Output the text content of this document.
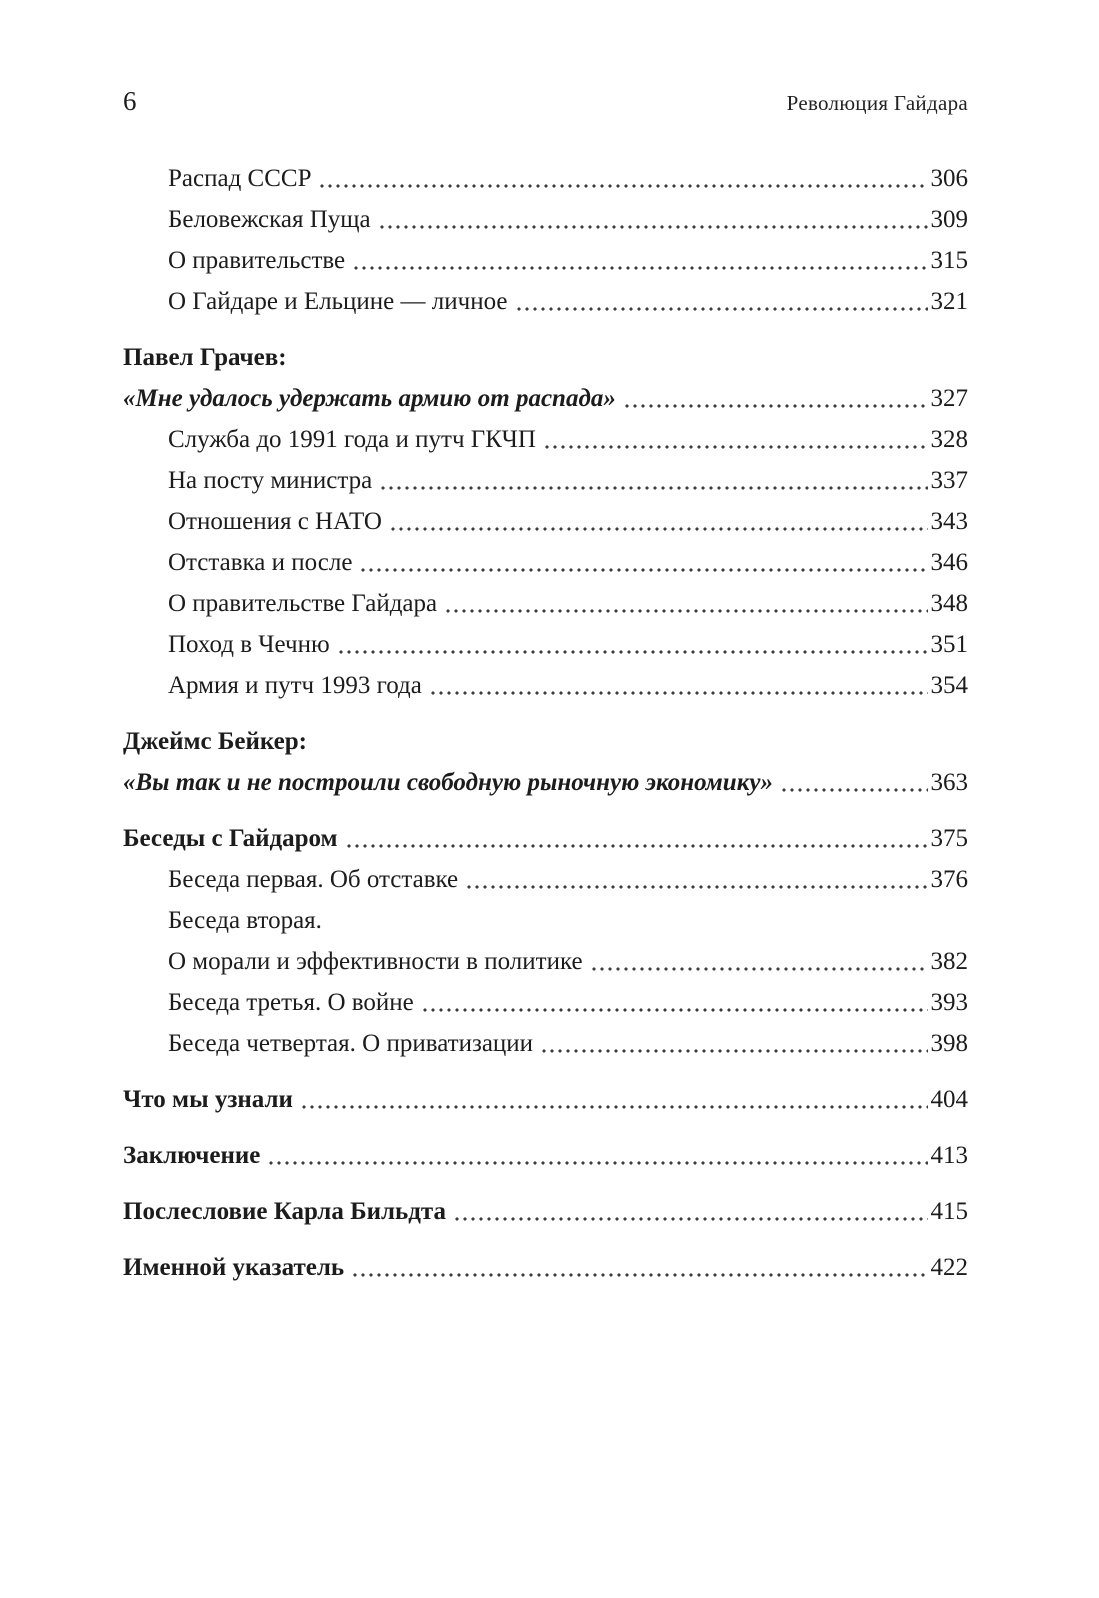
6	Революция Гайдара
Распад СССР	306
Беловежская Пуща	309
О правительстве	315
О Гайдаре и Ельцине — личное	321
Павел Грачев:
«Мне удалось удержать армию от распада»	327
Служба до 1991 года и путч ГКЧП	328
На посту министра	337
Отношения с НАТО	343
Отставка и после	346
О правительстве Гайдара	348
Поход в Чечню	351
Армия и путч 1993 года	354
Джеймс Бейкер:
«Вы так и не построили свободную рыночную экономику»	363
Беседы с Гайдаром	375
Беседа первая. Об отставке	376
Беседа вторая.
О морали и эффективности в политике	382
Беседа третья. О войне	393
Беседа четвертая. О приватизации	398
Что мы узнали	404
Заключение	413
Послесловие Карла Бильдта	415
Именной указатель	422
